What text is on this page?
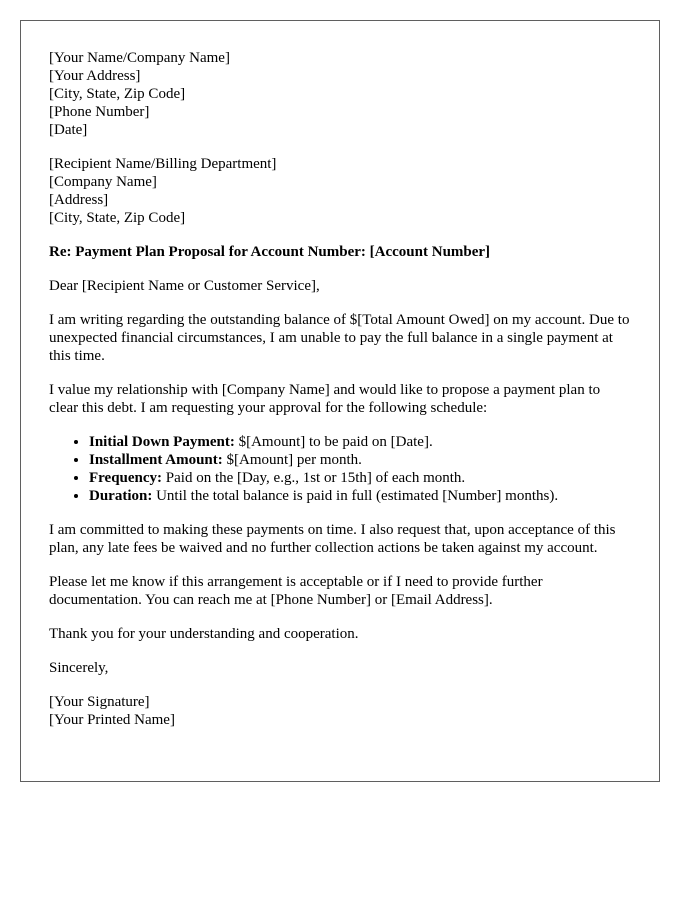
[Your Name/Company Name]
[Your Address]
[City, State, Zip Code]
[Phone Number]
[Date]
[Recipient Name/Billing Department]
[Company Name]
[Address]
[City, State, Zip Code]
Re: Payment Plan Proposal for Account Number: [Account Number]

Dear [Recipient Name or Customer Service],

I am writing regarding the outstanding balance of $[Total Amount Owed] on my account. Due to unexpected financial circumstances, I am unable to pay the full balance in a single payment at this time.

I value my relationship with [Company Name] and would like to propose a payment plan to clear this debt. I am requesting your approval for the following schedule:

• Initial Down Payment: $[Amount] to be paid on [Date].
• Installment Amount: $[Amount] per month.
• Frequency: Paid on the [Day, e.g., 1st or 15th] of each month.
• Duration: Until the total balance is paid in full (estimated [Number] months).

I am committed to making these payments on time. I also request that, upon acceptance of this plan, any late fees be waived and no further collection actions be taken against my account.

Please let me know if this arrangement is acceptable or if I need to provide further documentation. You can reach me at [Phone Number] or [Email Address].

Thank you for your understanding and cooperation.

Sincerely,

[Your Signature]
[Your Printed Name]
